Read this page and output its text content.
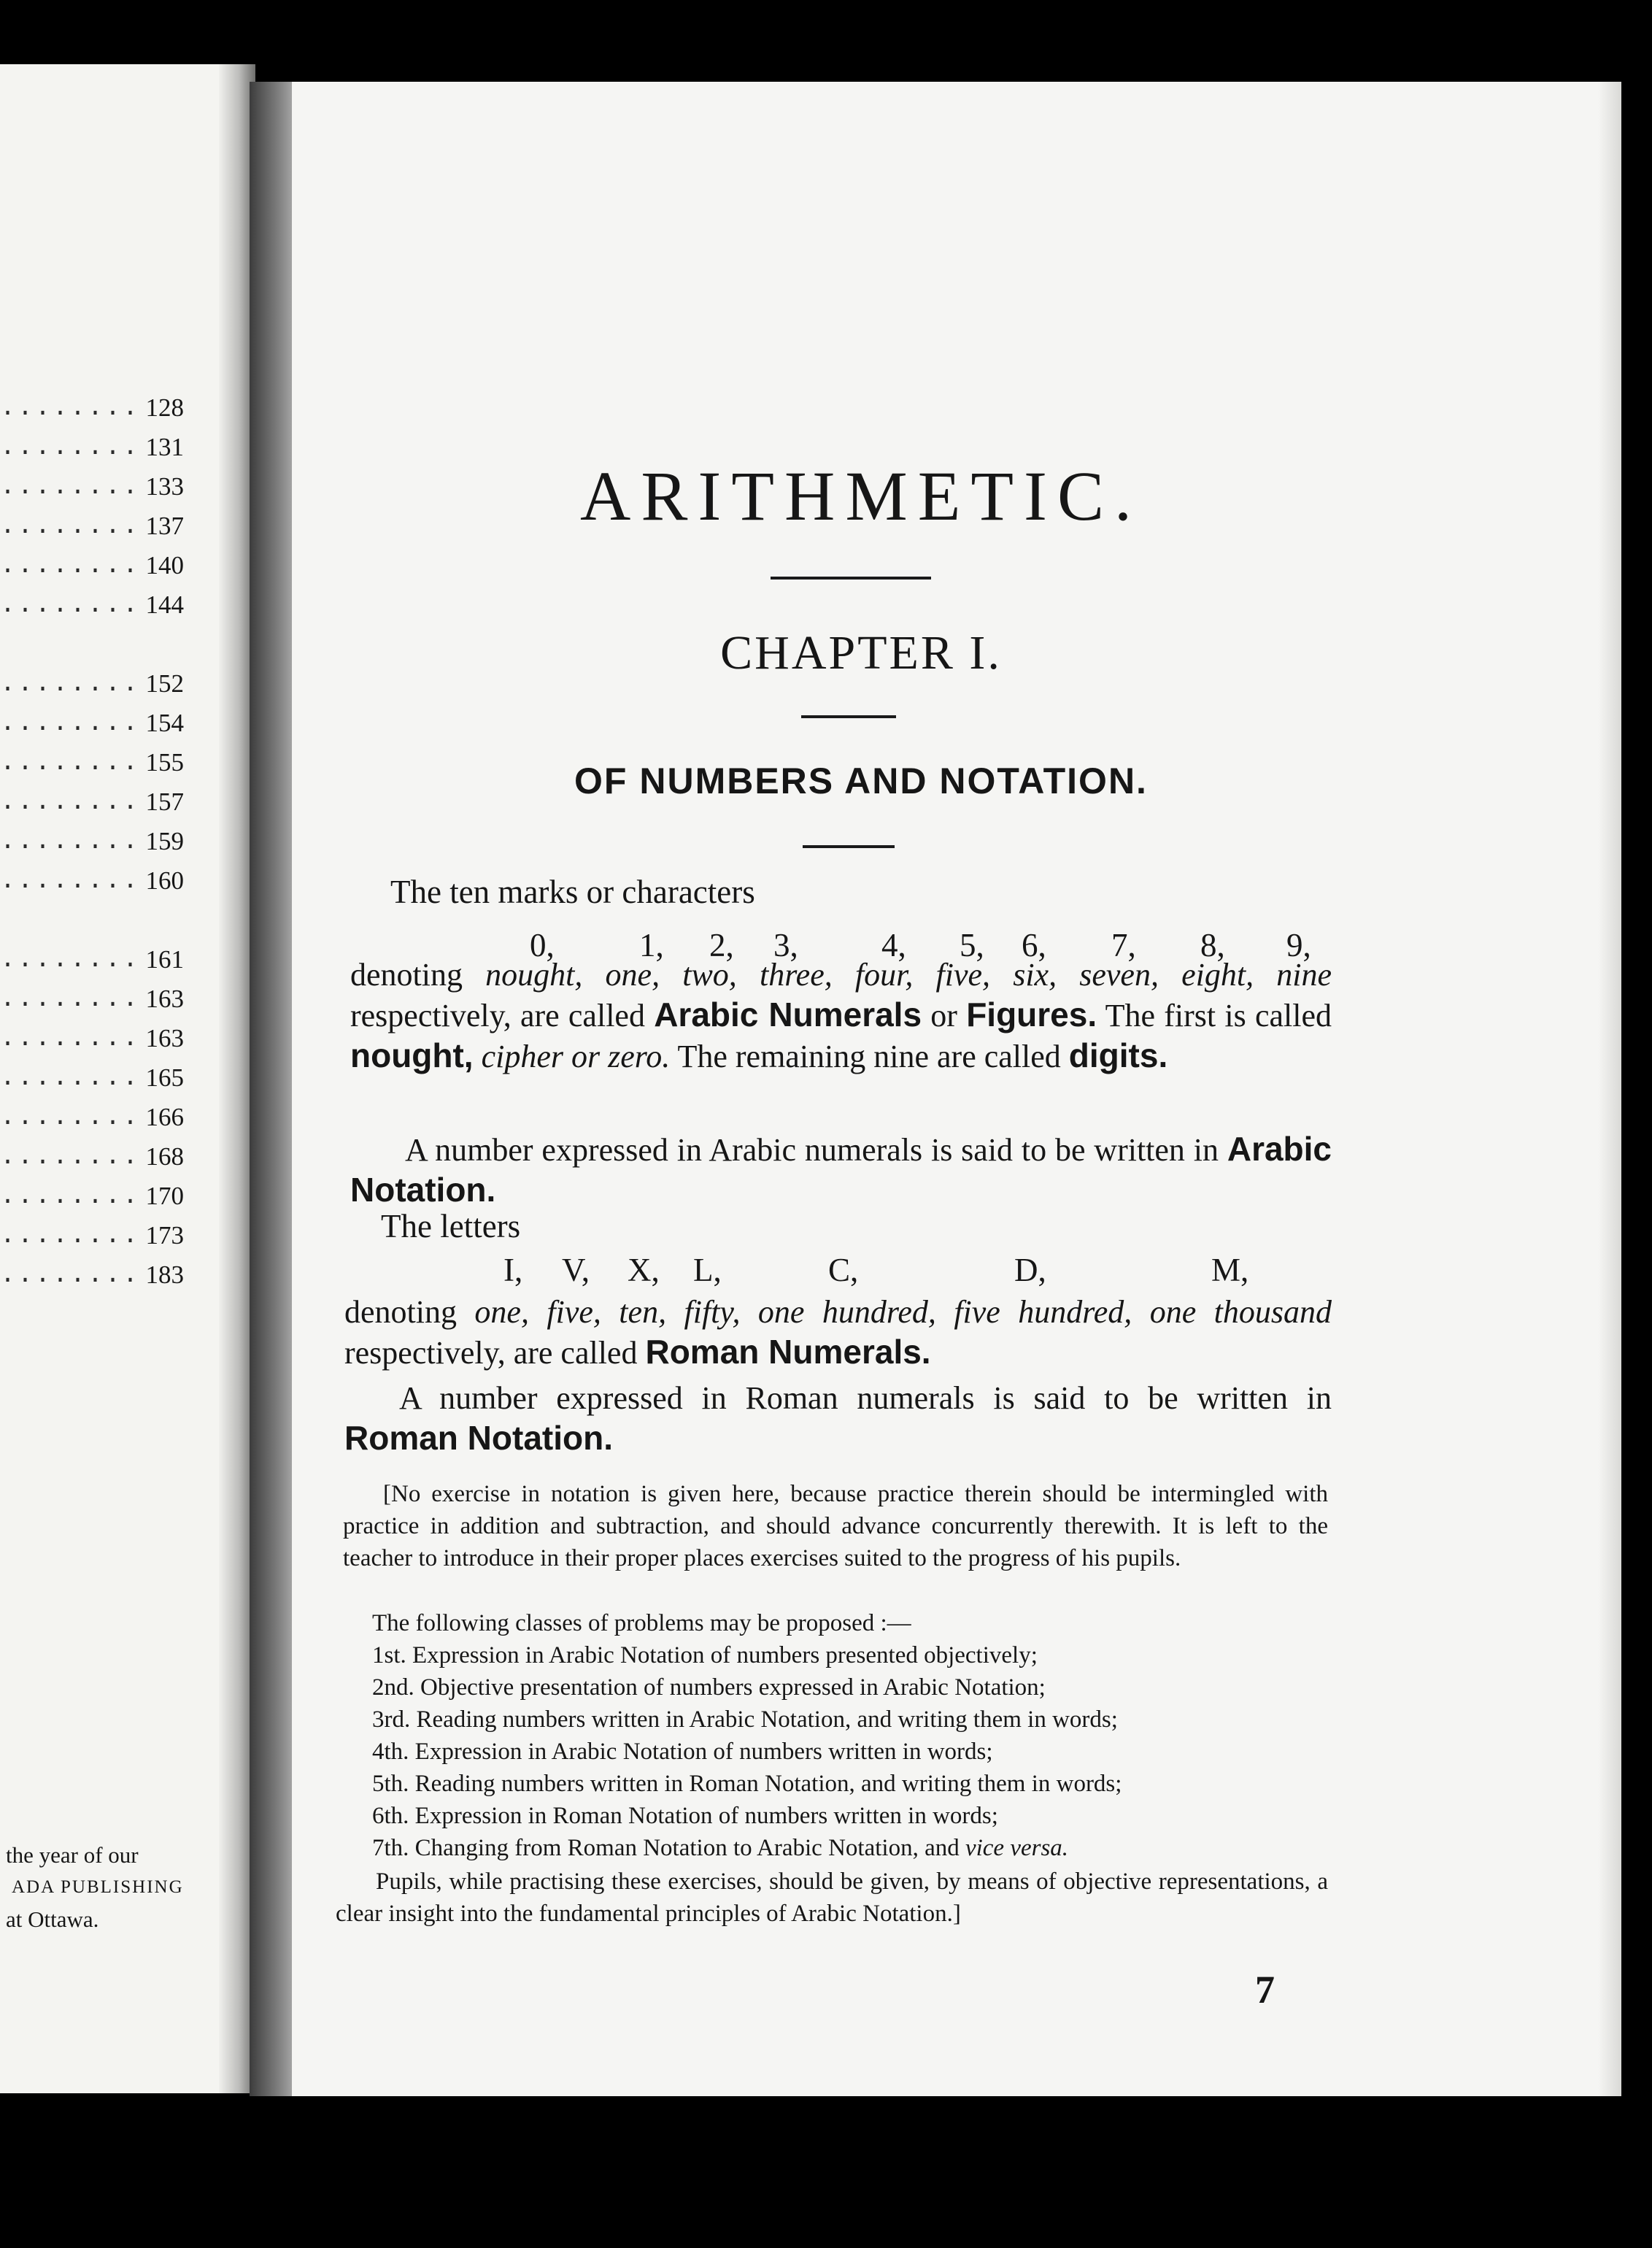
........ 128
........ 131
........ 133
........ 137
........ 140
........ 144
........ 152
........ 154
........ 155
........ 157
........ 159
........ 160
........ 161
........ 163
........ 163
........ 165
........ 166
........ 168
........ 170
........ 173
........ 183
the year of our
ADA PUBLISHING
at Ottawa.
ARITHMETIC.
CHAPTER I.
OF NUMBERS AND NOTATION.
The ten marks or characters
0,	1, 2, 3,	4, 5, 6, 7, 8, 9,
denoting nought, one, two, three, four, five, six, seven, eight, nine respectively, are called Arabic Numerals or Figures. The first is called nought, cipher or zero. The remaining nine are called digits.
A number expressed in Arabic numerals is said to be written in Arabic Notation.
The letters
I, V, X, L,	C,	D,	M,
denoting one, five, ten, fifty, one hundred, five hundred, one thousand respectively, are called Roman Numerals.
A number expressed in Roman numerals is said to be written in Roman Notation.
[No exercise in notation is given here, because practice therein should be intermingled with practice in addition and subtraction, and should advance concurrently therewith. It is left to the teacher to introduce in their proper places exercises suited to the progress of his pupils.
The following classes of problems may be proposed :—
1st. Expression in Arabic Notation of numbers presented objectively;
2nd. Objective presentation of numbers expressed in Arabic Notation;
3rd. Reading numbers written in Arabic Notation, and writing them in words;
4th. Expression in Arabic Notation of numbers written in words;
5th. Reading numbers written in Roman Notation, and writing them in words;
6th. Expression in Roman Notation of numbers written in words;
7th. Changing from Roman Notation to Arabic Notation, and vice versa.
Pupils, while practising these exercises, should be given, by means of objective representations, a clear insight into the fundamental principles of Arabic Notation.]
7
